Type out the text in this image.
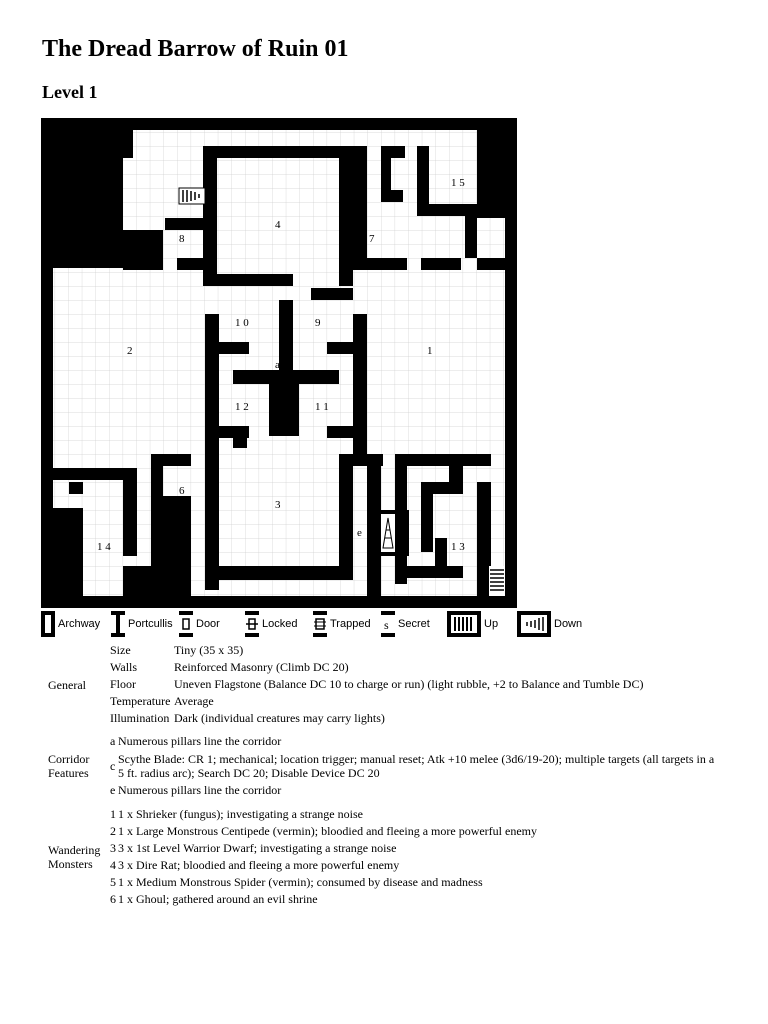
The Dread Barrow of Ruin 01
Level 1
1
2
3
4
5
6
7
8
9
1 0
1 1
1 2
1 3
1 4
1 5
1 6
a
c
e
Archway	Portcullis Door	Locked	Trapped s Secret	Up	Down
General	Size	Tiny (35 x 35)
	Walls	Reinforced Masonry (Climb DC 20)
	Floor	Uneven Flagstone (Balance DC 10 to charge or run) (light rubble, +2 to Balance and Tumble DC)
	Temperature	Average
	Illumination	Dark (individual creatures may carry lights)
Corridor
Features

a Numerous pillars line the corridor
c Scythe Blade: CR 1; mechanical; location trigger; manual reset; Atk +10 melee (3d6/19-20); multiple targets (all targets in a 5 ft. radius arc); Search DC 20; Disable Device DC 20
e Numerous pillars line the corridor
Wandering
Monsters

1 1 x Shrieker (fungus); investigating a strange noise
2 1 x Large Monstrous Centipede (vermin); bloodied and fleeing a more powerful enemy
3 3 x 1st Level Warrior Dwarf; investigating a strange noise
4 3 x Dire Rat; bloodied and fleeing a more powerful enemy
5 1 x Medium Monstrous Spider (vermin); consumed by disease and madness
6 1 x Ghoul; gathered around an evil shrine
